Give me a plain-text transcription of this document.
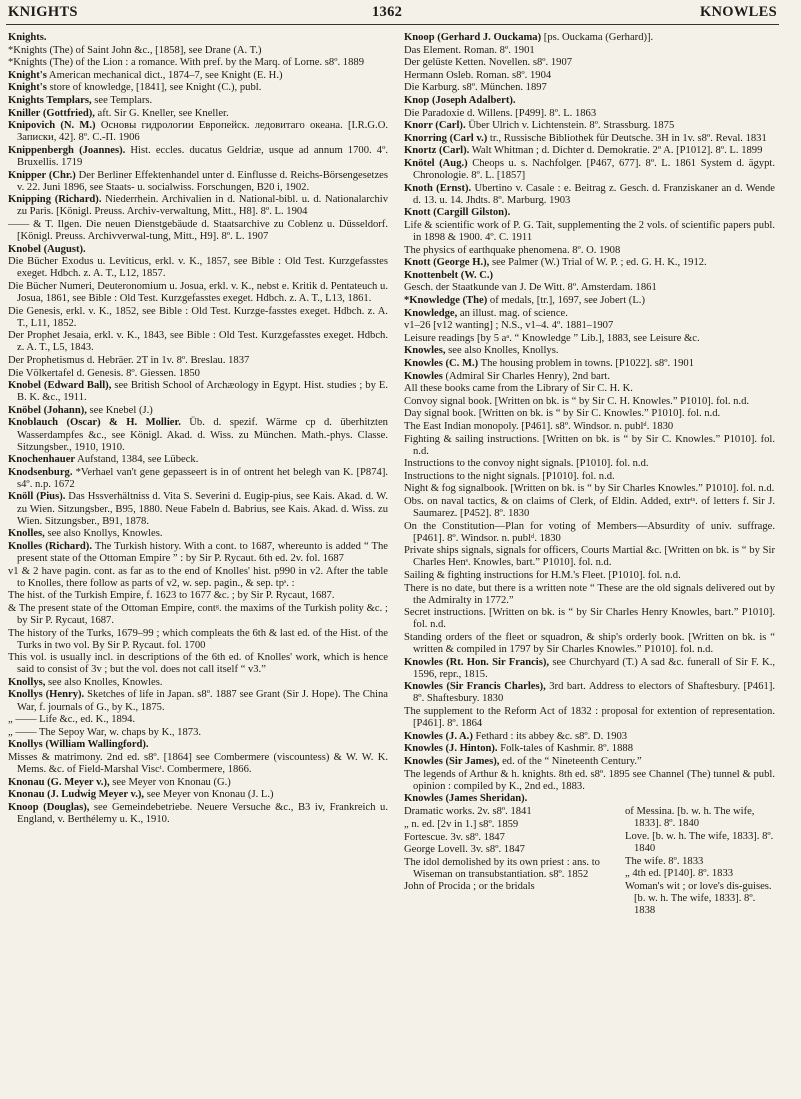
KNIGHTS	1362	KNOWLES

Knights.

*Knights (The) of Saint John &c., [1858], see Drane (A. T.)

*Knights (The) of the Lion : a romance. With pref. by the Marq. of Lorne. s8º. 1889

Knight's American mechanical dict., 1874–7, see Knight (E. H.)

Knight's store of knowledge, [1841], see Knight (C.), publ.

Knights Templars, see Templars.

Kniller (Gottfried), aft. Sir G. Kneller, see Kneller.

Knipovich (N. M.) Основы гидрологии Европейск. ледовитаго океана. [I.R.G.O. Записки, 42]. 8º. С.-П. 1906

Knippenbergh (Joannes). Hist. eccles. ducatus Geldriæ, usque ad annum 1700. 4º. Bruxellis. 1719

Knipper (Chr.) Der Berliner Effektenhandel unter d. Einflusse d. Reichs-Börsengesetzes v. 22. Juni 1896, see Staats- u. socialwiss. Forschungen, B20 i, 1902.

Knipping (Richard). Niederrhein. Archivalien in d. National-bibl. u. d. Nationalarchiv zu Paris. [Königl. Preuss. Archiv-verwaltung, Mitt., H8]. 8º. L. 1904

—— & T. Ilgen. Die neuen Dienstgebäude d. Staatsarchive zu Coblenz u. Düsseldorf. [Königl. Preuss. Archivverwal-tung, Mitt., H9]. 8º. L. 1907

Knobel (August).

Die Bücher Exodus u. Leviticus, erkl. v. K., 1857, see Bible : Old Test. Kurzgefasstes exeget. Hdbch. z. A. T., L12, 1857.

Die Bücher Numeri, Deuteronomium u. Josua, erkl. v. K., nebst e. Kritik d. Pentateuch u. Josua, 1861, see Bible : Old Test. Kurzgefasstes exeget. Hdbch. z. A. T., L13, 1861.

Die Genesis, erkl. v. K., 1852, see Bible : Old Test. Kurzge-fasstes exeget. Hdbch. z. A. T., L11, 1852.

Der Prophet Jesaia, erkl. v. K., 1843, see Bible : Old Test. Kurzgefasstes exeget. Hdbch. z. A. T., L5, 1843.

Der Prophetismus d. Hebräer. 2T in 1v. 8º. Breslau. 1837

Die Völkertafel d. Genesis. 8º. Giessen. 1850

Knobel (Edward Ball), see British School of Archæology in Egypt. Hist. studies ; by E. B. K. &c., 1911.

Knöbel (Johann), see Knebel (J.)

Knoblauch (Oscar) & H. Mollier. Üb. d. spezif. Wärme cp d. überhitzten Wasserdampfes &c., see Königl. Akad. d. Wiss. zu München. Math.-phys. Classe. Sitzungsber., 1910, 1910.

Knochenhauer Aufstand, 1384, see Lübeck.

Knodsenburg. *Verhael van't gene gepasseert is in of ontrent het belegh van K. [P874]. s4º. n.p. 1672

Knöll (Pius). Das Hssverhältniss d. Vita S. Severini d. Eugip-pius, see Kais. Akad. d. W. zu Wien. Sitzungsber., B95, 1880. Neue Fabeln d. Babrius, see Kais. Akad. d. Wiss. zu Wien. Sitzungsber., B91, 1878.

Knolles, see also Knollys, Knowles.

Knolles (Richard). The Turkish history. With a cont. to 1687, whereunto is added “ The present state of the Ottoman Empire ” : by Sir P. Rycaut. 6th ed. 2v. fol. 1687

v1 & 2 have pagin. cont. as far as to the end of Knolles' hist. p990 in v2. After the table to Knolles, there follow as parts of v2, w. sep. pagin., & sep. tpˢ. :

The hist. of the Turkish Empire, f. 1623 to 1677 &c. ; by Sir P. Rycaut, 1687.

& The present state of the Ottoman Empire, contᵍ. the maxims of the Turkish polity &c. ; by Sir P. Rycaut, 1687.

The history of the Turks, 1679–99 ; which compleats the 6th & last ed. of the Hist. of the Turks in two vol. By Sir P. Rycaut. fol. 1700

This vol. is usually incl. in descriptions of the 6th ed. of Knolles' work, which is hence said to consist of 3v ; but the vol. does not call itself “ v3.”

Knollys, see also Knolles, Knowles.

Knollys (Henry). Sketches of life in Japan. s8º. 1887 see Grant (Sir J. Hope). The China War, f. journals of G., by K., 1875.

„ —— Life &c., ed. K., 1894.

„ —— The Sepoy War, w. chaps by K., 1873.

Knollys (William Wallingford).

Misses & matrimony. 2nd ed. s8º. [1864] see Combermere (viscountess) & W. W. K. Mems. &c. of Field-Marshal Viscᵗ. Combermere, 1866.

Knonau (G. Meyer v.), see Meyer von Knonau (G.)

Knonau (J. Ludwig Meyer v.), see Meyer von Knonau (J. L.)

Knoop (Douglas), see Gemeindebetriebe. Neuere Versuche &c., B3 iv, Frankreich u. England, v. Berthélemy u. K., 1910.

Knoop (Gerhard J. Ouckama) [ps. Ouckama (Gerhard)].

Das Element. Roman. 8º. 1901

Der gelüste Ketten. Novellen. s8º. 1907

Hermann Osleb. Roman. s8º. 1904

Die Karburg. s8º. München. 1897

Knop (Joseph Adalbert).

Die Paradoxie d. Willens. [P499]. 8º. L. 1863

Knorr (Carl). Über Ulrich v. Lichtenstein. 8º. Strassburg. 1875

Knorring (Carl v.) tr., Russische Bibliothek für Deutsche. 3H in 1v. s8º. Reval. 1831

Knortz (Carl). Walt Whitman ; d. Dichter d. Demokratie. 2º A. [P1012]. 8º. L. 1899

Knötel (Aug.) Cheops u. s. Nachfolger. [P467, 677]. 8º. L. 1861 System d. ägypt. Chronologie. 8º. L. [1857]

Knoth (Ernst). Ubertino v. Casale : e. Beitrag z. Gesch. d. Franziskaner an d. Wende d. 13. u. 14. Jhdts. 8º. Marburg. 1903

Knott (Cargill Gilston).

Life & scientific work of P. G. Tait, supplementing the 2 vols. of scientific papers publ. in 1898 & 1900. 4º. C. 1911

The physics of earthquake phenomena. 8º. O. 1908

Knott (George H.), see Palmer (W.) Trial of W. P. ; ed. G. H. K., 1912.

Knottenbelt (W. C.)

Gesch. der Staatkunde van J. De Witt. 8º. Amsterdam. 1861

*Knowledge (The) of medals, [tr.], 1697, see Jobert (L.)

Knowledge, an illust. mag. of science.

v1–26 [v12 wanting] ; N.S., v1–4. 4º. 1881–1907

Leisure readings [by 5 aᵃ. “ Knowledge ” Lib.], 1883, see Leisure &c.

Knowles, see also Knolles, Knollys.

Knowles (C. M.) The housing problem in towns. [P1022]. s8º. 1901

Knowles (Admiral Sir Charles Henry), 2nd bart.

All these books came from the Library of Sir C. H. K.

Convoy signal book. [Written on bk. is “ by Sir C. H. Knowles.” P1010]. fol. n.d.

Day signal book. [Written on bk. is “ by Sir C. Knowles.” P1010]. fol. n.d.

The East Indian monopoly. [P461]. s8º. Windsor. n. publᵈ. 1830

Fighting & sailing instructions. [Written on bk. is “ by Sir C. Knowles.” P1010]. fol. n.d.

Instructions to the convoy night signals. [P1010]. fol. n.d.

Instructions to the night signals. [P1010]. fol. n.d.

Night & fog signalbook. [Written on bk. is “ by Sir Charles Knowles.” P1010]. fol. n.d.

Obs. on naval tactics, & on claims of Clerk, of Eldin. Added, extrᵗˢ. of letters f. Sir J. Saumarez. [P452]. 8º. 1830

On the Constitution—Plan for voting of Members—Absurdity of univ. suffrage. [P461]. 8º. Windsor. n. publᵈ. 1830

Private ships signals, signals for officers, Courts Martial &c. [Written on bk. is “ by Sir Charles Henˢ. Knowles, bart.” P1010]. fol. n.d.

Sailing & fighting instructions for H.M.'s Fleet. [P1010]. fol. n.d.

There is no date, but there is a written note “ These are the old signals delivered out by the Admiralty in 1772.”

Secret instructions. [Written on bk. is “ by Sir Charles Henry Knowles, bart.” P1010]. fol. n.d.

Standing orders of the fleet or squadron, & ship's orderly book. [Written on bk. is “ written & compiled in 1797 by Sir Charles Knowles.” P1010]. fol. n.d.

Knowles (Rt. Hon. Sir Francis), see Churchyard (T.) A sad &c. funerall of Sir F. K., 1596, repr., 1815.

Knowles (Sir Francis Charles), 3rd bart. Address to electors of Shaftesbury. [P461]. 8º. Shaftesbury. 1830

The supplement to the Reform Act of 1832 : proposal for extention of representation. [P461]. 8º. 1864

Knowles (J. A.) Fethard : its abbey &c. s8º. D. 1903

Knowles (J. Hinton). Folk-tales of Kashmir. 8º. 1888

Knowles (Sir James), ed. of the “ Nineteenth Century.”

The legends of Arthur & h. knights. 8th ed. s8º. 1895 see Channel (The) tunnel & publ. opinion : compiled by K., 2nd ed., 1883.

Knowles (James Sheridan).

Dramatic works. 2v. s8º. 1841

„ n. ed. [2v in 1.] s8º. 1859

Fortescue. 3v. s8º. 1847

George Lovell. 3v. s8º. 1847

The idol demolished by its own priest : ans. to Wiseman on transubstantiation. s8º. 1852

John of Procida ; or the bridals

of Messina. [b. w. h. The wife, 1833]. 8º. 1840

Love. [b. w. h. The wife, 1833]. 8º. 1840

The wife. 8º. 1833

„ 4th ed. [P140]. 8º. 1833

Woman's wit ; or love's dis-guises. [b. w. h. The wife, 1833]. 8º. 1838
